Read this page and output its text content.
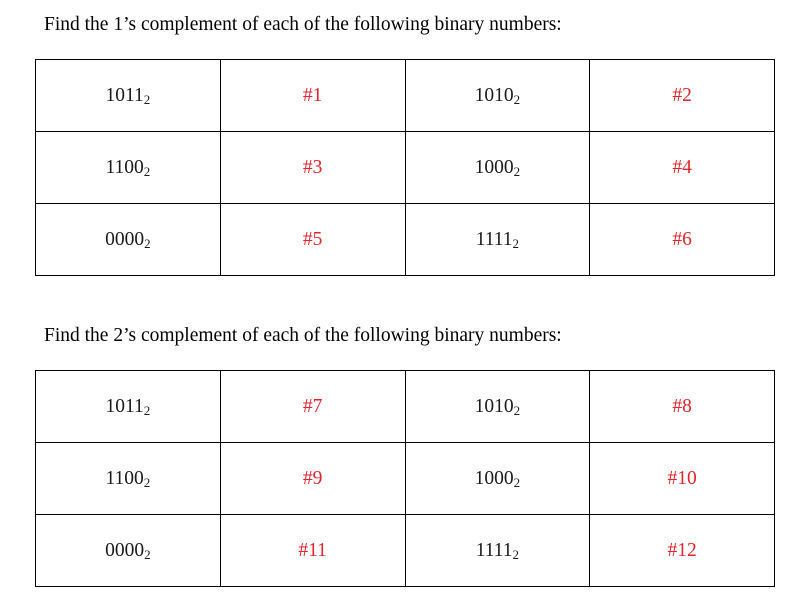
Find the 1’s complement of each of the following binary numbers:
$1011_2$	#1	$1010_2$	#2
$1100_2$	#3	$1000_2$	#4
$0000_2$	#5	$1111_2$	#6
Find the 2’s complement of each of the following binary numbers:
$1011_2$	#7	$1010_2$	#8
$1100_2$	#9	$1000_2$	#10
$0000_2$	#11	$1111_2$	#12
